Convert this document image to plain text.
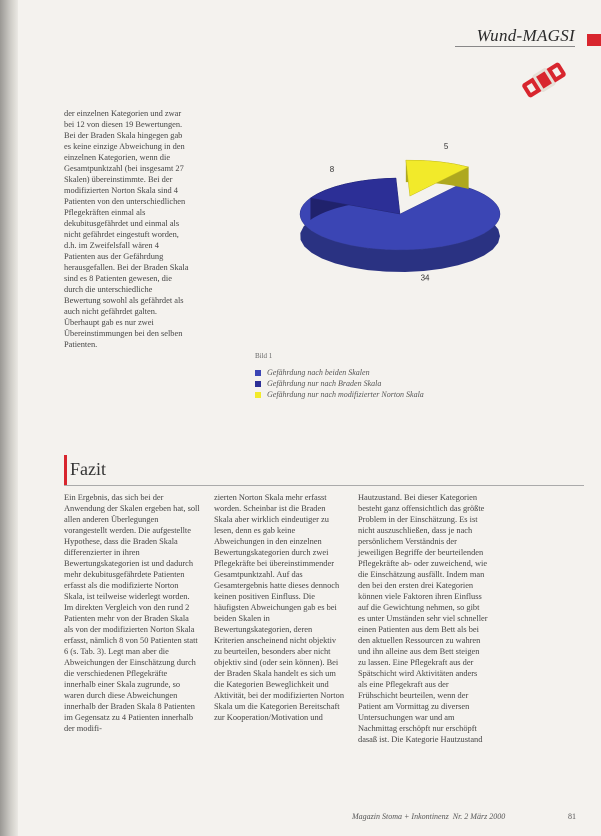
Wund-MAGSI

der einzelnen Kategorien und zwar bei 12 von diesen 19 Bewertungen. Bei der Braden Skala hingegen gab es keine einzige Abweichung in den einzelnen Kategorien, wenn die Gesamtpunktzahl (bei insgesamt 27 Skalen) übereinstimmte. Bei der modifizierten Norton Skala sind 4 Patienten von den unterschiedlichen Pflegekräften einmal als dekubitusgefährdet und einmal als nicht gefährdet eingestuft worden, d.h. im Zweifelsfall wären 4 Patienten aus der Gefährdung herausgefallen. Bei der Braden Skala sind es 8 Patienten gewesen, die durch die unterschiedliche Bewertung sowohl als gefährdet als auch nicht gefährdet galten. Überhaupt gab es nur zwei Übereinstimmungen bei den selben Patienten.

34
8
5
Bild 1
Gefährdung nach beiden Skalen
Gefährdung nur nach Braden Skala
Gefährdung nur nach modifizierter Norton Skala
Fazit

Ein Ergebnis, das sich bei der Anwendung der Skalen ergeben hat, soll allen anderen Überlegungen vorangestellt werden. Die aufgestellte Hypothese, dass die Braden Skala differenzierter in ihren Bewertungskategorien ist und dadurch mehr dekubitusgefährdete Patienten erfasst als die modifizierte Norton Skala, ist teilweise widerlegt worden. Im direkten Vergleich von den rund 2 Patienten mehr von der Braden Skala als von der modifizierten Norton Skala erfasst, nämlich 8 von 50 Patienten statt 6 (s. Tab. 3). Legt man aber die Abweichungen der Einschätzung durch die verschiedenen Pflegekräfte innerhalb einer Skala zugrunde, so waren durch diese Abweichungen innerhalb der Braden Skala 8 Patienten im Gegensatz zu 4 Patienten innerhalb der modifi-

zierten Norton Skala mehr erfasst worden. Scheinbar ist die Braden Skala aber wirklich eindeutiger zu lesen, denn es gab keine Abweichungen in den einzelnen Bewertungskategorien durch zwei Pflegekräfte bei übereinstimmender Gesamtpunktzahl. Auf das Gesamtergebnis hatte dieses dennoch keinen positiven Einfluss. Die häufigsten Abweichungen gab es bei beiden Skalen in Bewertungskategorien, deren Kriterien anscheinend nicht objektiv zu beurteilen, besonders aber nicht objektiv sind (oder sein können). Bei der Braden Skala handelt es sich um die Kategorien Beweglichkeit und Aktivität, bei der modifizierten Norton Skala um die Kategorien Bereitschaft zur Kooperation/Motivation und

Hautzustand. Bei dieser Kategorien besteht ganz offensichtlich das größte Problem in der Einschätzung. Es ist nicht auszuschließen, dass je nach persönlichem Verständnis der jeweiligen Begriffe der beurteilenden Pflegekräfte ab- oder zuweichend, wie die Einschätzung ausfällt. Indem man den bei den ersten drei Kategorien können viele Faktoren ihren Einfluss auf die Gewichtung nehmen, so gibt es unter Umständen sehr viel schneller einen Patienten aus dem Bett als bei den aktuellen Ressourcen zu wahren und ihn alleine aus dem Bett steigen zu lassen. Eine Pflegekraft aus der Spätschicht wird Aktivitäten anders als eine Pflegekraft aus der Frühschicht beurteilen, wenn der Patient am Vormittag zu diversen Untersuchungen war und am Nachmittag erschöpft nur erschöpft dasaß ist. Die Kategorie Hautzustand

Magazin Stoma + Inkontinenz Nr. 2 März 2000	81
